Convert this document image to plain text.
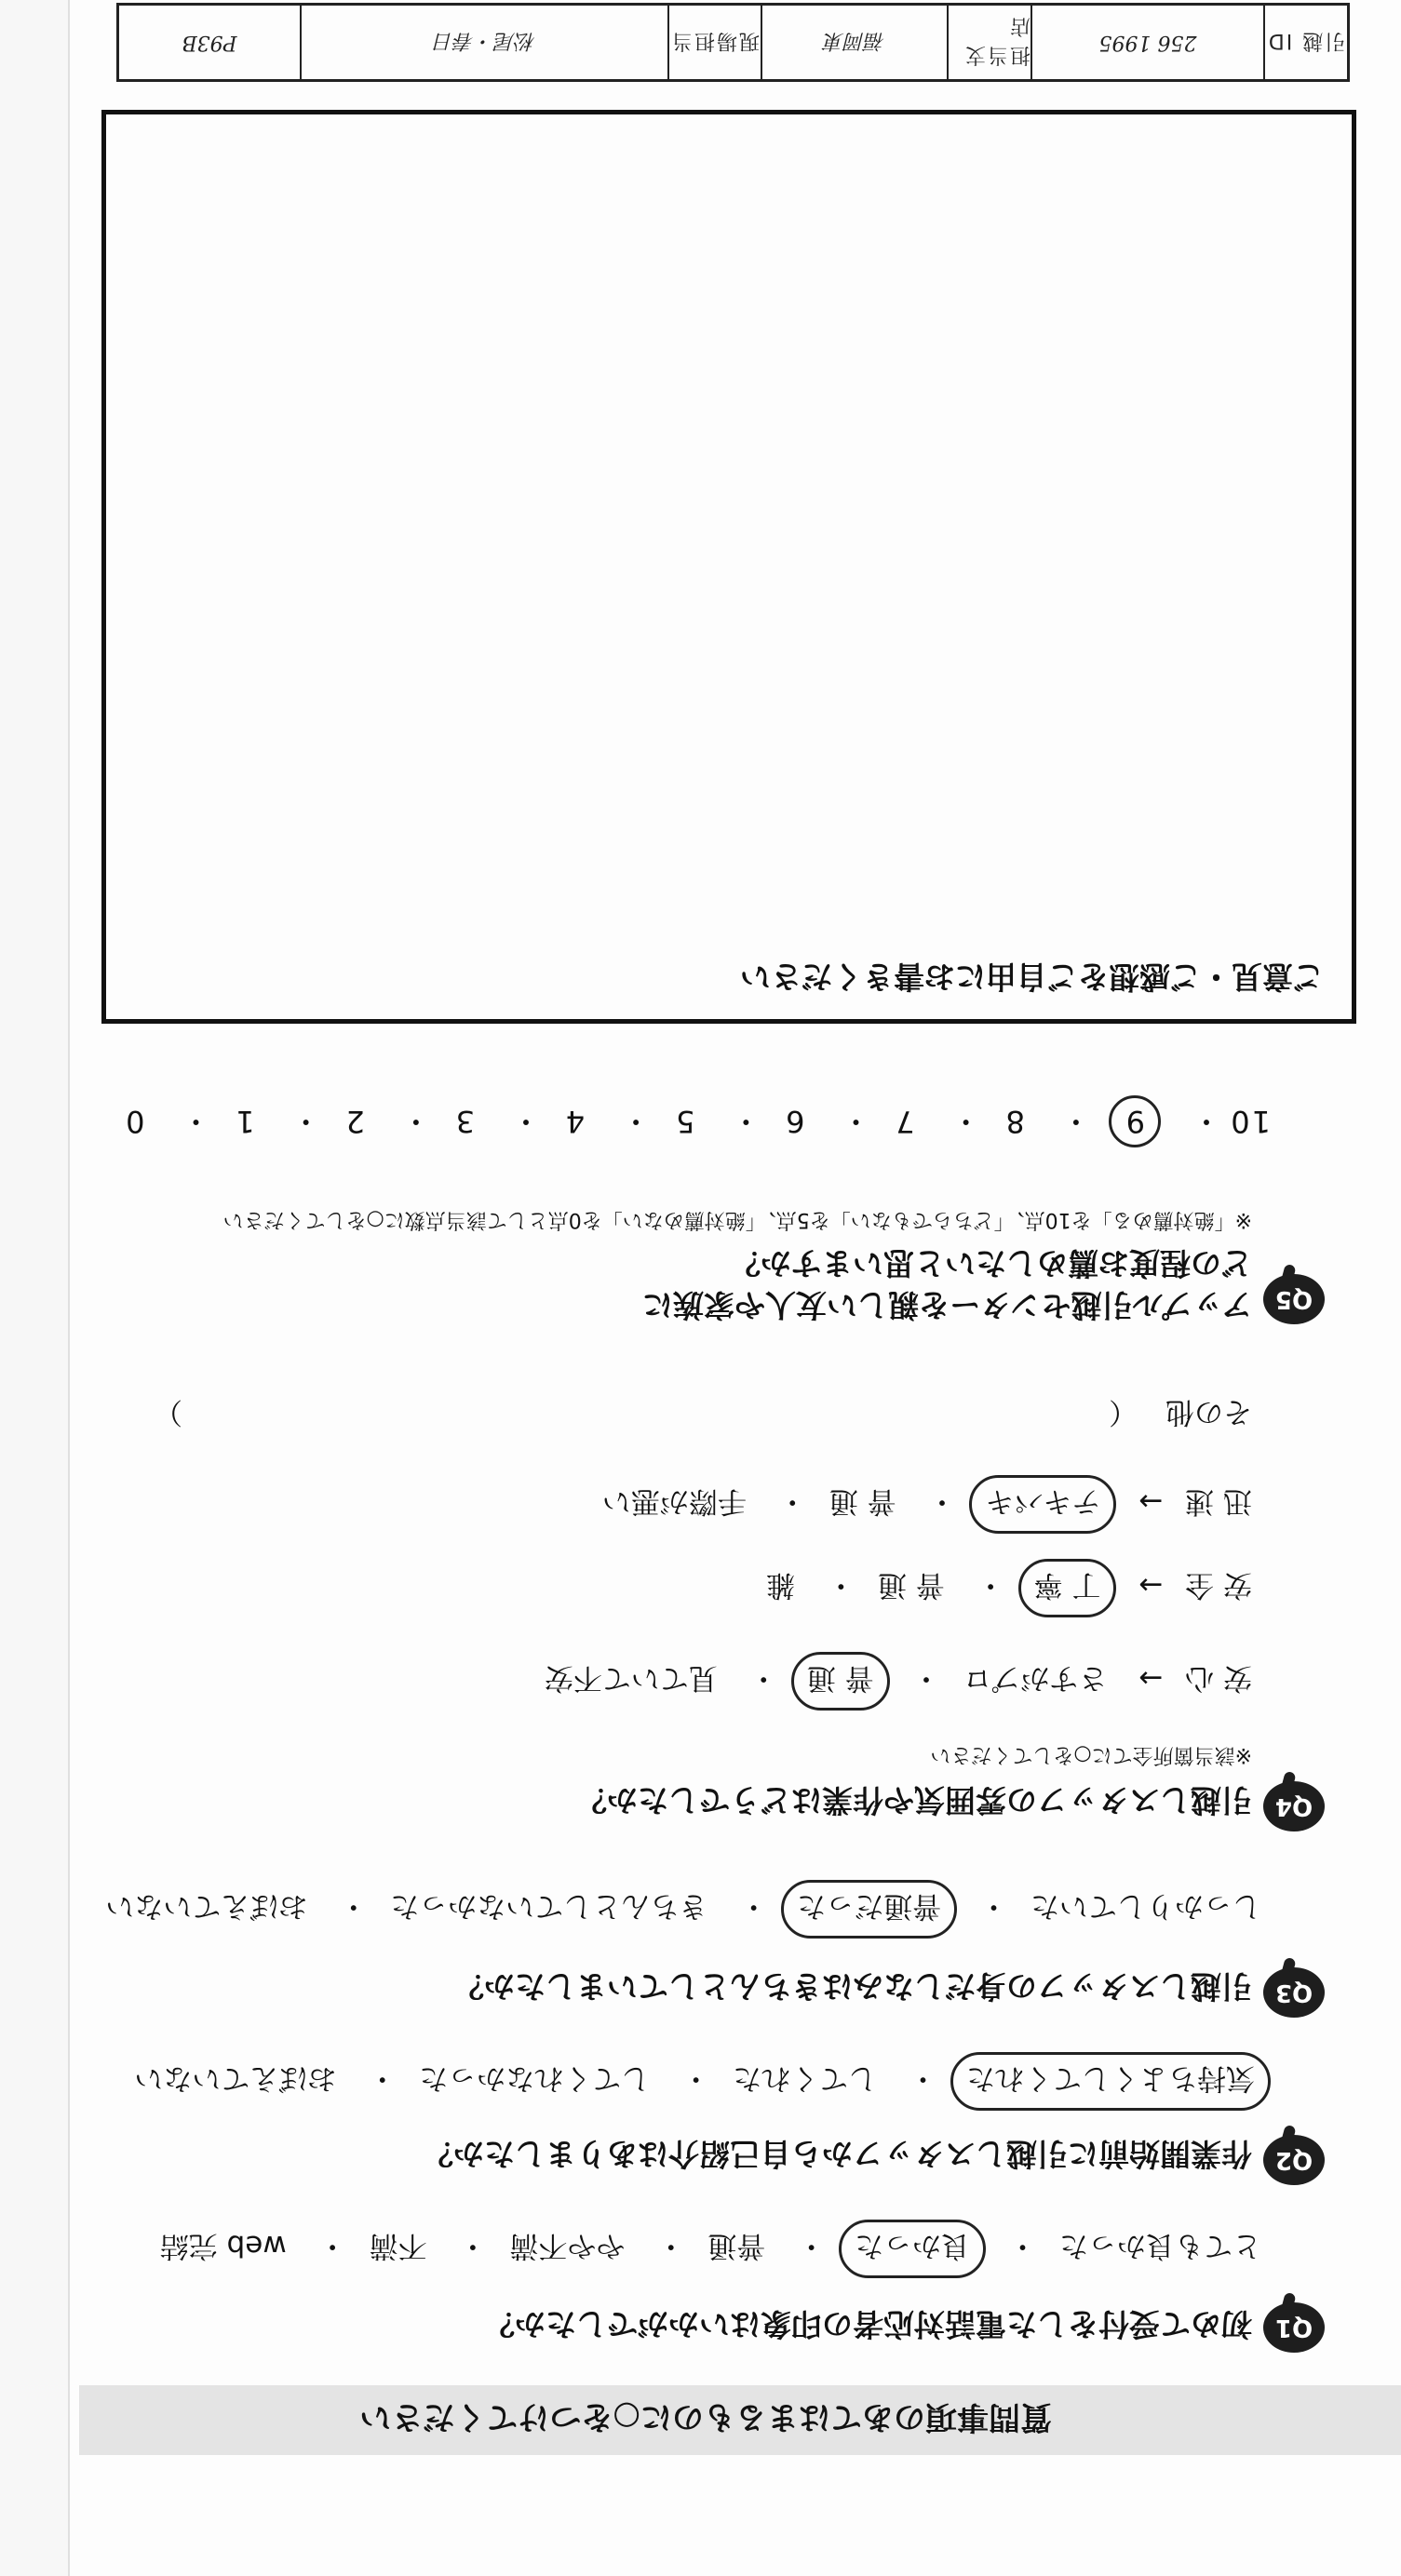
引越 ID
256 1995
担当支店
福岡東
現場担当
松尾・春日
P93B
質問事項のあてはまるものに○をつけてください
Q1
初めて受付をした電話対応者の印象はいかがでしたか？
とても良かった・ 良かった・ 普通・ やや不満・ 不満・ web 完結
Q2
作業開始前に引越しスタッフから自己紹介はありましたか？
気持ちよくしてくれた・ してくれた・ してくれなかった・ おぼえていない
Q3
引越しスタッフの身だしなみはきちんとしていましたか？
しっかりしていた・ 普通だった・ きちんとしていなかった・ おぼえていない
Q4
引越しスタッフの雰囲気や作業はどうでしたか？
※該当箇所全てに○をしてください
安 心 → さすがプロ・ 普 通・ 見ていて不安
安 全 → 丁 寧・ 普 通・ 雑
迅 速 → テキパキ・ 普 通・ 手際が悪い
その他 （
）
Q5
アップル引越センターを親しい友人や家族に
どの程度お薦めしたいと思いますか？
※「絶対薦める」を10点、「どちらでもない」を5点、「絶対薦めない」を0点として該当点数に○をしてください
10・ 9・ 8・ 7・ 6・ 5・ 4・ 3・ 2・ 1・ 0
ご意見・ご感想をご自由にお書きください
